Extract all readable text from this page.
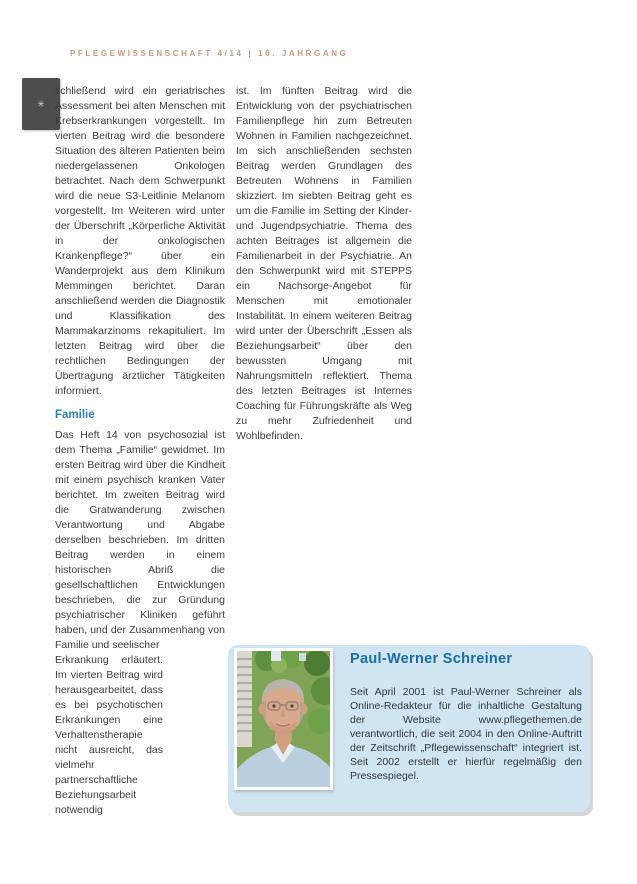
PFLEGEWISSENSCHAFT 4/14 | 16. JAHRGANG
✳

schließend wird ein geriatrisches Assessment bei alten Menschen mit Krebserkrankungen vorgestellt. Im vierten Beitrag wird die besondere Situation des älteren Patienten beim niedergelassenen Onkologen betrachtet. Nach dem Schwerpunkt wird die neue S3-Leitlinie Melanom vorgestellt. Im Weiteren wird unter der Überschrift „Körperliche Aktivität in der onkologischen Krankenpflege?“ über ein Wanderprojekt aus dem Klinikum Memmingen berichtet. Daran anschließend werden die Diagnostik und Klassifikation des Mammakarzinoms rekapituliert. Im letzten Beitrag wird über die rechtlichen Bedingungen der Übertragung ärztlicher Tätigkeiten informiert.

Familie

Das Heft 14 von psychosozial ist dem Thema „Familie“ gewidmet. Im ersten Beitrag wird über die Kindheit mit einem psychisch kranken Vater berichtet. Im zweiten Beitrag wird die Gratwanderung zwischen Verantwortung und Abgabe derselben beschrieben. Im dritten Beitrag werden in einem historischen Abriß die gesellschaftlichen Entwicklungen beschrieben, die zur Gründung psychiatrischer Kliniken geführt haben, und der Zusammenhang von Familie und seelischer

Erkrankung erläutert. Im vierten Beitrag wird herausgearbeitet, dass es bei psychotischen Erkrankungen eine Verhaltenstherapie nicht ausreicht, das vielmehr partnerschaftliche Beziehungsarbeit notwendig

ist. Im fünften Beitrag wird die Entwicklung von der psychiatrischen Familienpflege hin zum Betreuten Wohnen in Familien nachgezeichnet. Im sich anschließenden sechsten Beitrag werden Grundlagen des Betreuten Wohnens in Familien skizziert. Im siebten Beitrag geht es um die Familie im Setting der Kinder- und Jugendpsychiatrie. Thema des achten Beitrages ist allgemein die Familienarbeit in der Psychiatrie. An den Schwerpunkt wird mit STEPPS ein Nachsorge-Angebot für Menschen mit emotionaler Instabilität. In einem weiteren Beitrag wird unter der Überschrift „Essen als Beziehungsarbeit“ über den bewussten Umgang mit Nahrungsmitteln reflektiert. Thema des letzten Beitrages ist Internes Coaching für Führungskräfte als Weg zu mehr Zufriedenheit und Wohlbefinden.

Paul-Werner Schreiner

Seit April 2001 ist Paul-Werner Schreiner als Online-Redakteur für die inhaltliche Gestaltung der Website www.pflegethemen.de verantwortlich, die seit 2004 in den Online-Auftritt der Zeitschrift „Pflegewissenschaft“ integriert ist. Seit 2002 erstellt er hierfür regelmäßig den Pressespiegel.
